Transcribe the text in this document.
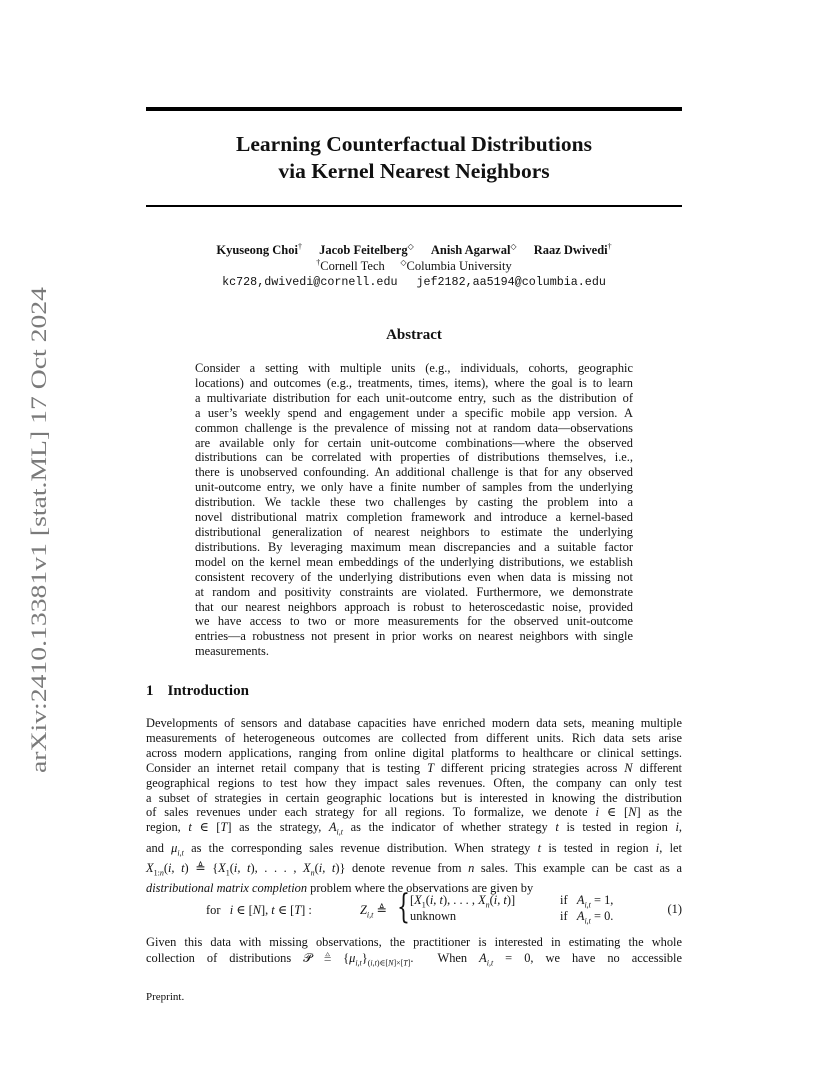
arXiv:2410.13381v1 [stat.ML] 17 Oct 2024
Learning Counterfactual Distributions
via Kernel Nearest Neighbors
Kyuseong Choi† Jacob Feitelberg◇ Anish Agarwal◇ Raaz Dwivedi†
†Cornell Tech ◇Columbia University
kc728,dwivedi@cornell.edu jef2182,aa5194@columbia.edu
Abstract
Consider a setting with multiple units (e.g., individuals, cohorts, geographic
locations) and outcomes (e.g., treatments, times, items), where the goal is to learn
a multivariate distribution for each unit-outcome entry, such as the distribution of
a user’s weekly spend and engagement under a specific mobile app version. A
common challenge is the prevalence of missing not at random data—observations
are available only for certain unit-outcome combinations—where the observed
distributions can be correlated with properties of distributions themselves, i.e.,
there is unobserved confounding. An additional challenge is that for any observed
unit-outcome entry, we only have a finite number of samples from the underlying
distribution. We tackle these two challenges by casting the problem into a
novel distributional matrix completion framework and introduce a kernel-based
distributional generalization of nearest neighbors to estimate the underlying
distributions. By leveraging maximum mean discrepancies and a suitable factor
model on the kernel mean embeddings of the underlying distributions, we establish
consistent recovery of the underlying distributions even when data is missing not
at random and positivity constraints are violated. Furthermore, we demonstrate
that our nearest neighbors approach is robust to heteroscedastic noise, provided
we have access to two or more measurements for the observed unit-outcome
entries—a robustness not present in prior works on nearest neighbors with single
measurements.
1 Introduction
Developments of sensors and database capacities have enriched modern data sets, meaning multiple
measurements of heterogeneous outcomes are collected from different units. Rich data sets arise
across modern applications, ranging from online digital platforms to healthcare or clinical settings.
Consider an internet retail company that is testing T different pricing strategies across N different
geographical regions to test how they impact sales revenues. Often, the company can only test
a subset of strategies in certain geographic locations but is interested in knowing the distribution
of sales revenues under each strategy for all regions. To formalize, we denote i ∈ [N] as the
region, t ∈ [T] as the strategy, $A_{i,t}$ as the indicator of whether strategy t is tested in region i,
and $\mu_{i,t}$ as the corresponding sales revenue distribution. When strategy t is tested in region i, let
$X_{1:n}(i$, t) ≜ {$X_1(i$, t), . . . , $X_n(i$, t)} denote revenue from n sales. This example can be cast as a
distributional matrix completion problem where the observations are given by
for   i ∈ [N], t ∈ [T] :	$Z_{i,t}$ ≜ { [$X_1(i$, t), . . . , $X_n(i$, t)]
unknown
if   $A_{i,t} = 1$,
if   $A_{i,t} = 0$.	(1)
Given this data with missing observations, the practitioner is interested in estimating the whole
collection of distributions 𝒫 ≜ $\{\mu_{i,t}\}_{(i,t)\in[N]\times[T]}$.  When $A_{i,t} = 0$, we have no accessible
Preprint.
